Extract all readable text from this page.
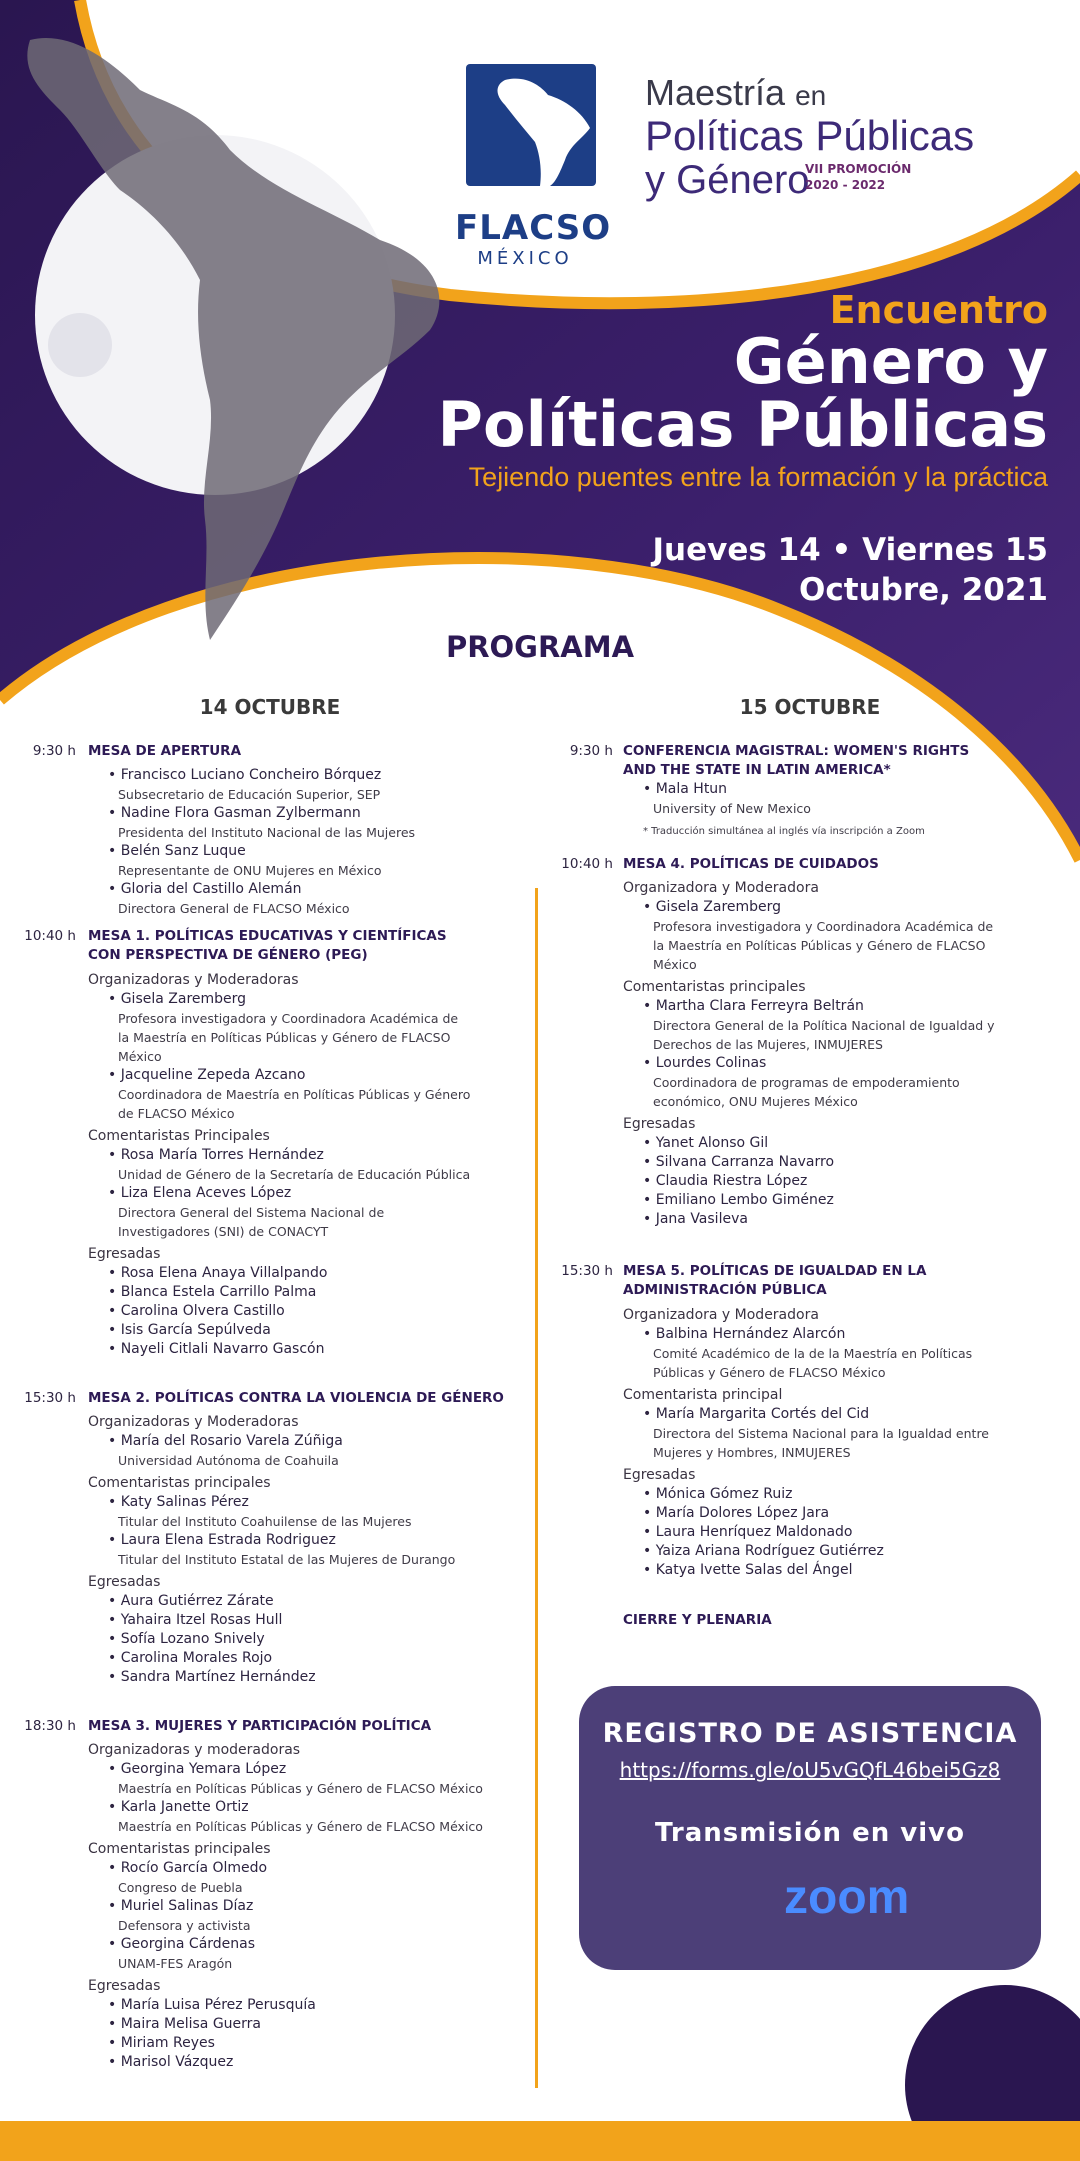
FLACSO
MÉXICO
Maestría en
Políticas Públicas
y Género
VII PROMOCIÓN
2020 - 2022
Encuentro
Género y
Políticas Públicas
Tejiendo puentes entre la formación y la práctica
Jueves 14 • Viernes 15
Octubre, 2021
PROGRAMA
14 OCTUBRE	15 OCTUBRE
9:30 h MESA DE APERTURA

• Francisco Luciano Concheiro Bórquez

Subsecretario de Educación Superior, SEP

• Nadine Flora Gasman Zylbermann

Presidenta del Instituto Nacional de las Mujeres

• Belén Sanz Luque

Representante de ONU Mujeres en México

• Gloria del Castillo Alemán

Directora General de FLACSO México

10:40 h MESA 1. POLÍTICAS EDUCATIVAS Y CIENTÍFICAS
CON PERSPECTIVA DE GÉNERO (PEG)

Organizadoras y Moderadoras

• Gisela Zaremberg

Profesora investigadora y Coordinadora Académica de

la Maestría en Políticas Públicas y Género de FLACSO

México

• Jacqueline Zepeda Azcano

Coordinadora de Maestría en Políticas Públicas y Género

de FLACSO México

Comentaristas Principales

• Rosa María Torres Hernández

Unidad de Género de la Secretaría de Educación Pública

• Liza Elena Aceves López

Directora General del Sistema Nacional de

Investigadores (SNI) de CONACYT

Egresadas

• Rosa Elena Anaya Villalpando

• Blanca Estela Carrillo Palma

• Carolina Olvera Castillo

• Isis García Sepúlveda

• Nayeli Citlali Navarro Gascón

15:30 h MESA 2. POLÍTICAS CONTRA LA VIOLENCIA DE GÉNERO

Organizadoras y Moderadoras

• María del Rosario Varela Zúñiga

Universidad Autónoma de Coahuila

Comentaristas principales

• Katy Salinas Pérez

Titular del Instituto Coahuilense de las Mujeres

• Laura Elena Estrada Rodriguez

Titular del Instituto Estatal de las Mujeres de Durango

Egresadas

• Aura Gutiérrez Zárate

• Yahaira Itzel Rosas Hull

• Sofía Lozano Snively

• Carolina Morales Rojo

• Sandra Martínez Hernández

18:30 h MESA 3. MUJERES Y PARTICIPACIÓN POLÍTICA

Organizadoras y moderadoras

• Georgina Yemara López

Maestría en Políticas Públicas y Género de FLACSO México

• Karla Janette Ortiz

Maestría en Políticas Públicas y Género de FLACSO México

Comentaristas principales

• Rocío García Olmedo

Congreso de Puebla

• Muriel Salinas Díaz

Defensora y activista

• Georgina Cárdenas

UNAM-FES Aragón

Egresadas

• María Luisa Pérez Perusquía

• Maira Melisa Guerra

• Miriam Reyes

• Marisol Vázquez

9:30 h CONFERENCIA MAGISTRAL: WOMEN'S RIGHTS
AND THE STATE IN LATIN AMERICA*

• Mala Htun

University of New Mexico

* Traducción simultánea al inglés vía inscripción a Zoom

10:40 h MESA 4. POLÍTICAS DE CUIDADOS

Organizadora y Moderadora

• Gisela Zaremberg

Profesora investigadora y Coordinadora Académica de

la Maestría en Políticas Públicas y Género de FLACSO

México

Comentaristas principales

• Martha Clara Ferreyra Beltrán

Directora General de la Política Nacional de Igualdad y

Derechos de las Mujeres, INMUJERES

• Lourdes Colinas

Coordinadora de programas de empoderamiento

económico, ONU Mujeres México

Egresadas

• Yanet Alonso Gil

• Silvana Carranza Navarro

• Claudia Riestra López

• Emiliano Lembo Giménez

• Jana Vasileva

15:30 h MESA 5. POLÍTICAS DE IGUALDAD EN LA
ADMINISTRACIÓN PÚBLICA

Organizadora y Moderadora

• Balbina Hernández Alarcón

Comité Académico de la de la Maestría en Políticas

Públicas y Género de FLACSO México

Comentarista principal

• María Margarita Cortés del Cid

Directora del Sistema Nacional para la Igualdad entre

Mujeres y Hombres, INMUJERES

Egresadas

• Mónica Gómez Ruiz

• María Dolores López Jara

• Laura Henríquez Maldonado

• Yaiza Ariana Rodríguez Gutiérrez

• Katya Ivette Salas del Ángel

CIERRE Y PLENARIA
REGISTRO DE ASISTENCIA
https://forms.gle/oU5vGQfL46bei5Gz8
Transmisión en vivo
zoom
